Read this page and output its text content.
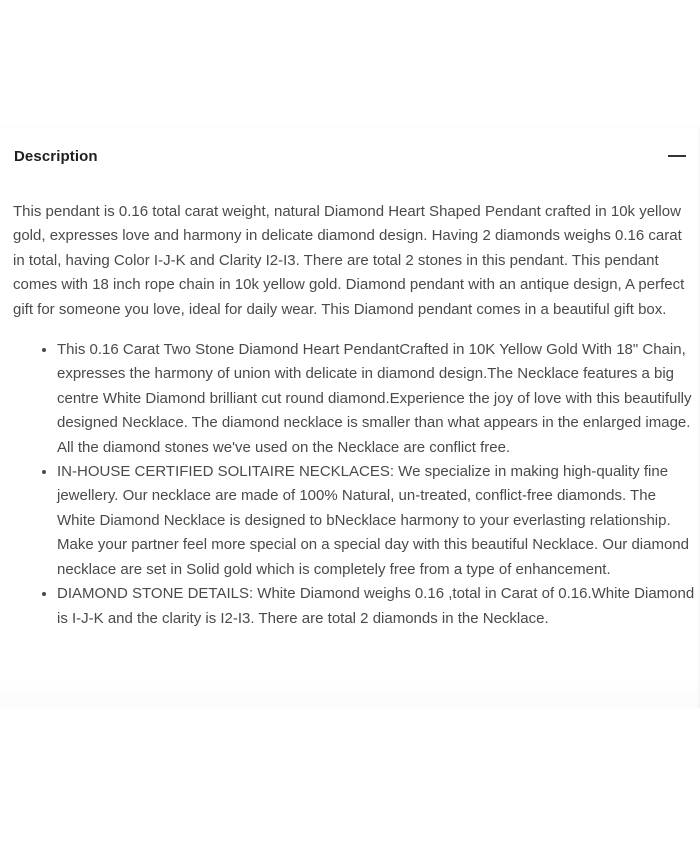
Description

This pendant is 0.16 total carat weight, natural Diamond Heart Shaped Pendant crafted in 10k yellow gold, expresses love and harmony in delicate diamond design. Having 2 diamonds weighs 0.16 carat in total, having Color I-J-K and Clarity I2-I3. There are total 2 stones in this pendant. This pendant comes with 18 inch rope chain in 10k yellow gold. Diamond pendant with an antique design, A perfect gift for someone you love, ideal for daily wear. This Diamond pendant comes in a beautiful gift box.

This 0.16 Carat Two Stone Diamond Heart PendantCrafted in 10K Yellow Gold With 18" Chain, expresses the harmony of union with delicate in diamond design.The Necklace features a big centre White Diamond brilliant cut round diamond.Experience the joy of love with this beautifully designed Necklace. The diamond necklace is smaller than what appears in the enlarged image. All the diamond stones we've used on the Necklace are conflict free.
IN-HOUSE CERTIFIED SOLITAIRE NECKLACES: We specialize in making high-quality fine jewellery. Our necklace are made of 100% Natural, un-treated, conflict-free diamonds. The White Diamond Necklace is designed to bNecklace harmony to your everlasting relationship. Make your partner feel more special on a special day with this beautiful Necklace. Our diamond necklace are set in Solid gold which is completely free from a type of enhancement.
DIAMOND STONE DETAILS: White Diamond weighs 0.16 ,total in Carat of 0.16.White Diamond is I-J-K and the clarity is I2-I3. There are total 2 diamonds in the Necklace.
